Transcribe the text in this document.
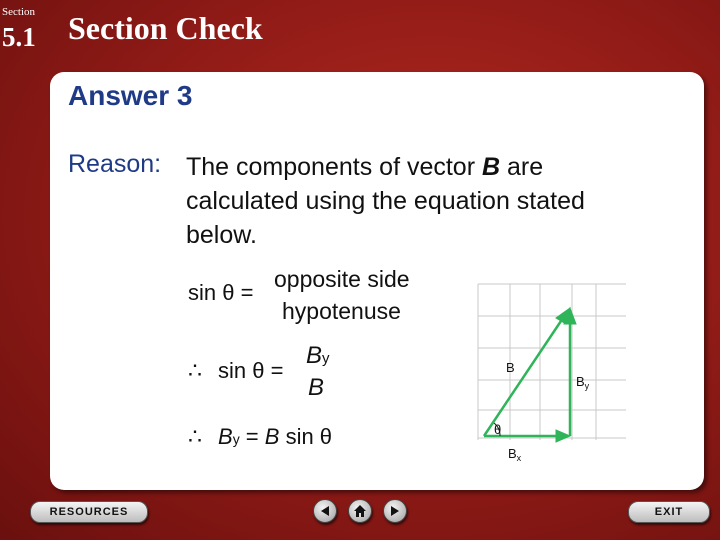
Section
5.1 Section Check
Answer 3
Reason: The components of vector B are calculated using the equation stated below.
sin θ =
opposite side
hypotenuse
∴ sin θ =
By
B
∴ By = B sin θ	θ
B
$B_y$
$B_x$
RESOURCES	EXIT
